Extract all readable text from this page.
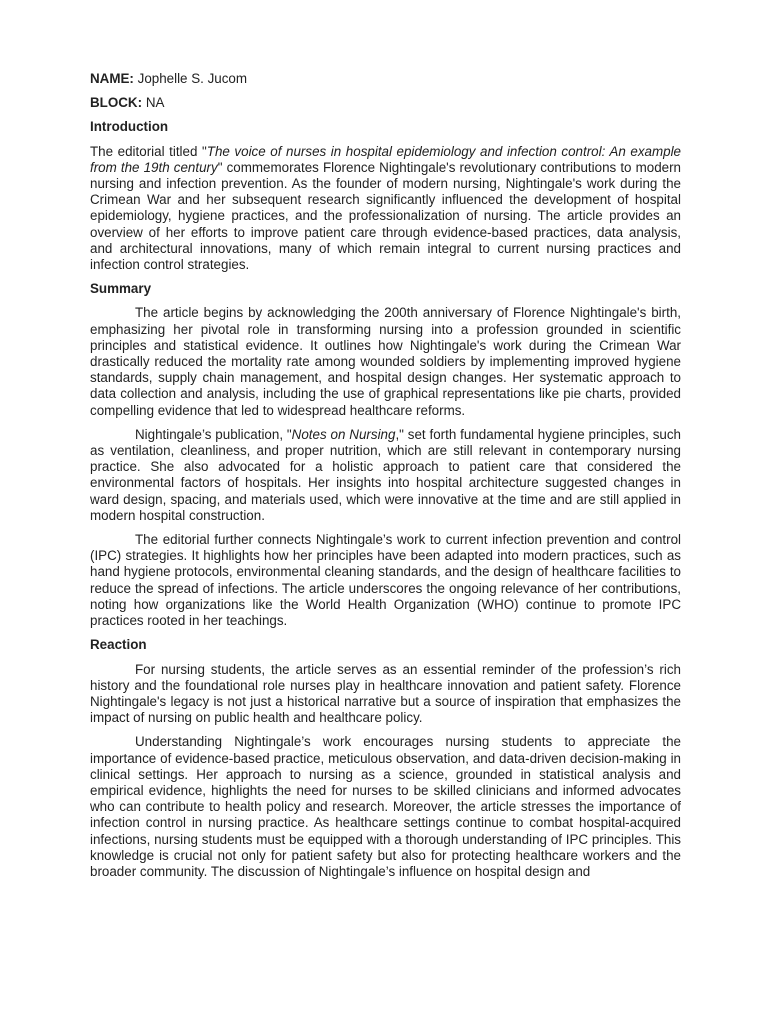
NAME: Jophelle S. Jucom
BLOCK: NA
Introduction

The editorial titled "The voice of nurses in hospital epidemiology and infection control: An example from the 19th century" commemorates Florence Nightingale's revolutionary contributions to modern nursing and infection prevention. As the founder of modern nursing, Nightingale's work during the Crimean War and her subsequent research significantly influenced the development of hospital epidemiology, hygiene practices, and the professionalization of nursing. The article provides an overview of her efforts to improve patient care through evidence-based practices, data analysis, and architectural innovations, many of which remain integral to current nursing practices and infection control strategies.

Summary

The article begins by acknowledging the 200th anniversary of Florence Nightingale's birth, emphasizing her pivotal role in transforming nursing into a profession grounded in scientific principles and statistical evidence. It outlines how Nightingale's work during the Crimean War drastically reduced the mortality rate among wounded soldiers by implementing improved hygiene standards, supply chain management, and hospital design changes. Her systematic approach to data collection and analysis, including the use of graphical representations like pie charts, provided compelling evidence that led to widespread healthcare reforms.

Nightingale’s publication, "Notes on Nursing," set forth fundamental hygiene principles, such as ventilation, cleanliness, and proper nutrition, which are still relevant in contemporary nursing practice. She also advocated for a holistic approach to patient care that considered the environmental factors of hospitals. Her insights into hospital architecture suggested changes in ward design, spacing, and materials used, which were innovative at the time and are still applied in modern hospital construction.

The editorial further connects Nightingale’s work to current infection prevention and control (IPC) strategies. It highlights how her principles have been adapted into modern practices, such as hand hygiene protocols, environmental cleaning standards, and the design of healthcare facilities to reduce the spread of infections. The article underscores the ongoing relevance of her contributions, noting how organizations like the World Health Organization (WHO) continue to promote IPC practices rooted in her teachings.

Reaction

For nursing students, the article serves as an essential reminder of the profession’s rich history and the foundational role nurses play in healthcare innovation and patient safety. Florence Nightingale's legacy is not just a historical narrative but a source of inspiration that emphasizes the impact of nursing on public health and healthcare policy.

Understanding Nightingale’s work encourages nursing students to appreciate the importance of evidence-based practice, meticulous observation, and data-driven decision-making in clinical settings. Her approach to nursing as a science, grounded in statistical analysis and empirical evidence, highlights the need for nurses to be skilled clinicians and informed advocates who can contribute to health policy and research. Moreover, the article stresses the importance of infection control in nursing practice. As healthcare settings continue to combat hospital-acquired infections, nursing students must be equipped with a thorough understanding of IPC principles. This knowledge is crucial not only for patient safety but also for protecting healthcare workers and the broader community. The discussion of Nightingale’s influence on hospital design and
